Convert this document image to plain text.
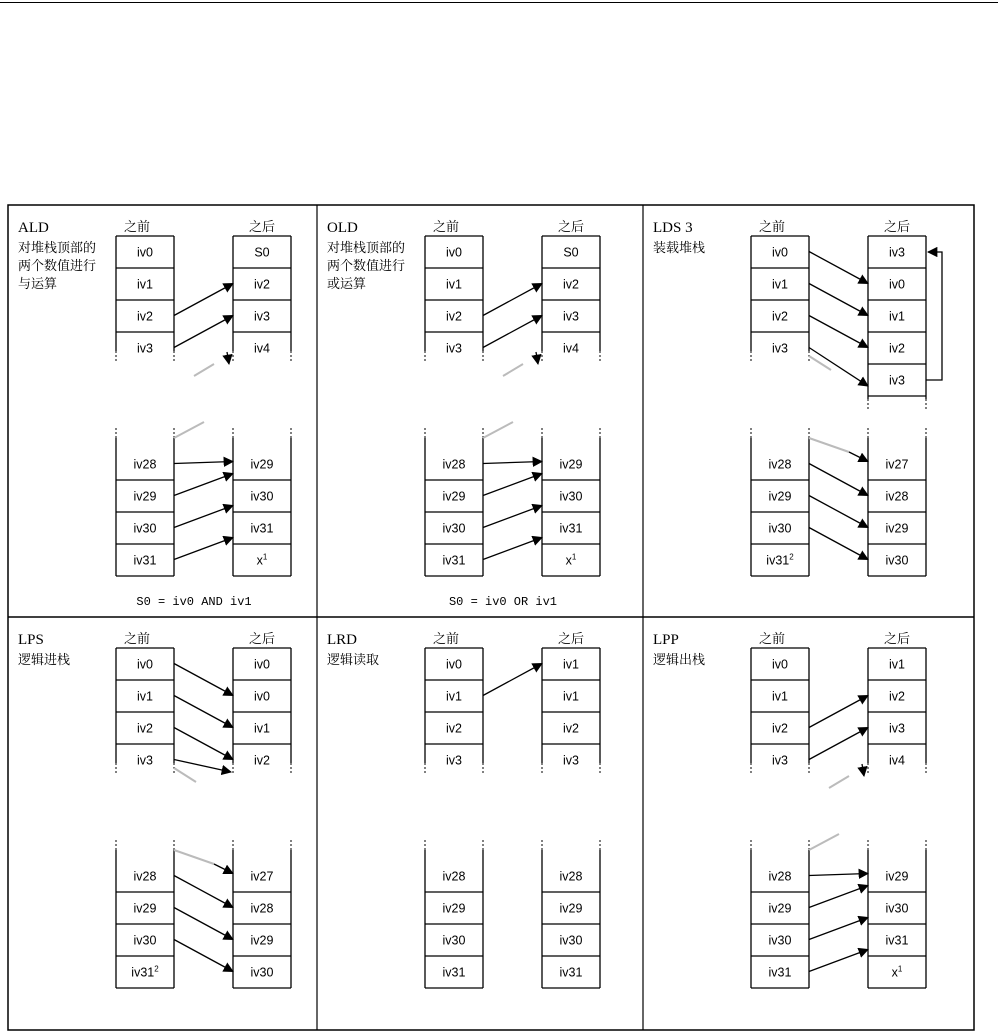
ALD
对堆栈顶部的
两个数值进行
与运算
之前	之后
iv0
iv1
iv2
iv3
iv28
iv29
iv30
iv31
S0
iv2
iv3
iv4
iv29
iv30
iv31
$x^1$
S0 = iv0 AND iv1
OLD
对堆栈顶部的
两个数值进行
或运算
之前	之后
iv0
iv1
iv2
iv3
iv28
iv29
iv30
iv31
S0
iv2
iv3
iv4
iv29
iv30
iv31
$x^1$
S0 = iv0 OR iv1
LDS 3
装载堆栈
之前	之后
iv0
iv1
iv2
iv3
iv28
iv29
iv30
$iv31^2$
iv3
iv0
iv1
iv2
iv3
iv27
iv28
iv29
iv30
LPS
逻辑进栈
之前	之后
iv0
iv1
iv2
iv3
iv28
iv29
iv30
$iv31^2$
iv0
iv0
iv1
iv2
iv27
iv28
iv29
iv30
LRD
逻辑读取
之前	之后
iv0
iv1
iv2
iv3
iv28
iv29
iv30
iv31
iv1
iv1
iv2
iv3
iv28
iv29
iv30
iv31
LPP
逻辑出栈
之前	之后
iv0
iv1
iv2
iv3
iv28
iv29
iv30
iv31
iv1
iv2
iv3
iv4
iv29
iv30
iv31
$x^1$
